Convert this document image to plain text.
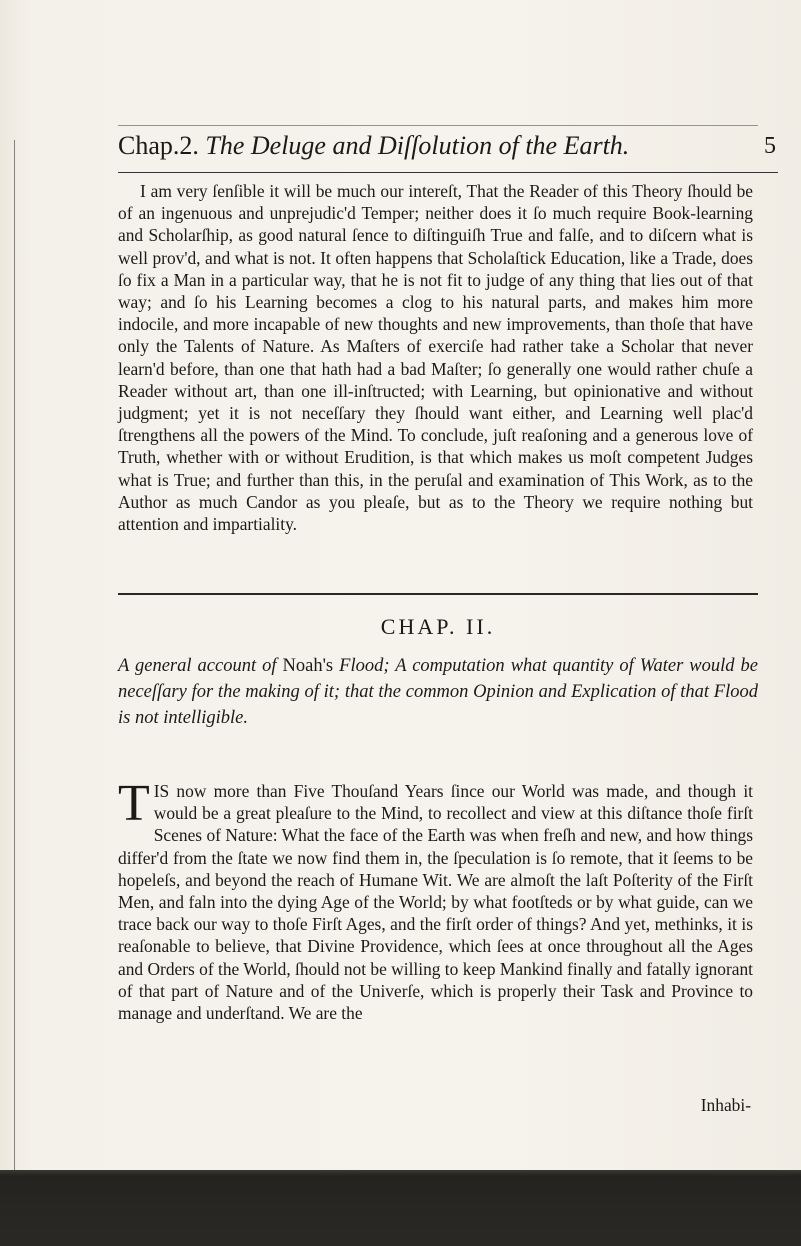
Chap.2. The Deluge and Diſſolution of the Earth.	5

I am very ſenſible it will be much our intereſt, That the Reader of this Theory ſhould be of an ingenuous and unprejudic'd Temper; neither does it ſo much require Book-learning and Scholarſhip, as good natural ſence to diſtinguiſh True and falſe, and to diſcern what is well prov'd, and what is not. It often happens that Scholaſtick Education, like a Trade, does ſo fix a Man in a particular way, that he is not fit to judge of any thing that lies out of that way; and ſo his Learning becomes a clog to his natural parts, and makes him more indocile, and more incapable of new thoughts and new improvements, than thoſe that have only the Talents of Nature. As Maſters of exerciſe had rather take a Scholar that never learn'd before, than one that hath had a bad Maſter; ſo generally one would rather chuſe a Reader without art, than one ill-inſtructed; with Learning, but opinionative and without judgment; yet it is not neceſſary they ſhould want either, and Learning well plac'd ſtrengthens all the powers of the Mind. To conclude, juſt reaſoning and a generous love of Truth, whether with or without Erudition, is that which makes us moſt competent Judges what is True; and further than this, in the peruſal and examination of This Work, as to the Author as much Candor as you pleaſe, but as to the Theory we require nothing but attention and impartiality.

CHAP. II.

A general account of Noah's Flood; A computation what quantity of Water would be neceſſary for the making of it; that the common Opinion and Explication of that Flood is not intelligible.

T IS now more than Five Thouſand Years ſince our World was made, and though it would be a great pleaſure to the Mind, to recollect and view at this diſtance thoſe firſt Scenes of Nature: What the face of the Earth was when freſh and new, and how things differ'd from the ſtate we now find them in, the ſpeculation is ſo remote, that it ſeems to be hopeleſs, and beyond the reach of Humane Wit. We are almoſt the laſt Poſterity of the Firſt Men, and faln into the dying Age of the World; by what footſteds or by what guide, can we trace back our way to thoſe Firſt Ages, and the firſt order of things? And yet, methinks, it is reaſonable to believe, that Divine Providence, which ſees at once throughout all the Ages and Orders of the World, ſhould not be willing to keep Mankind finally and fatally ignorant of that part of Nature and of the Univerſe, which is properly their Task and Province to manage and underſtand. We are the

Inhabi-
